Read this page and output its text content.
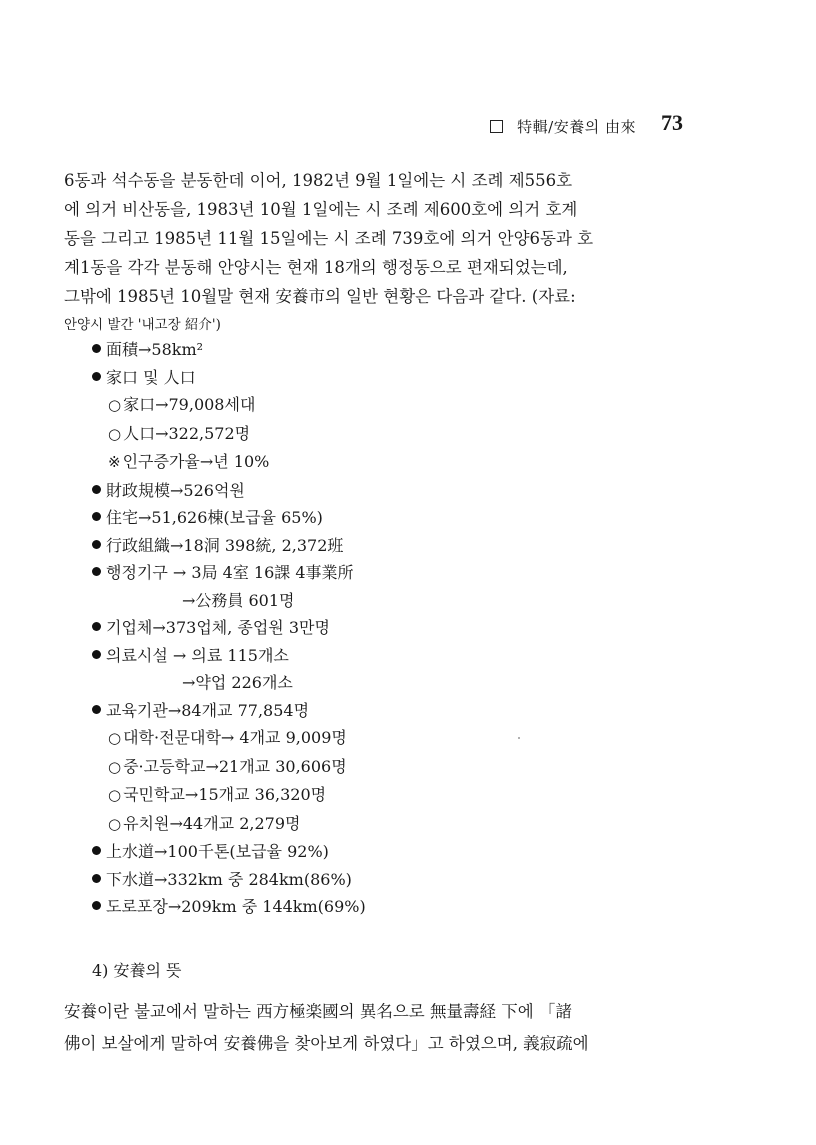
特輯/安養의 由來 73

6동과 석수동을 분동한데 이어, 1982년 9월 1일에는 시 조례 제556호
에 의거 비산동을, 1983년 10월 1일에는 시 조례 제600호에 의거 호계
동을 그리고 1985년 11월 15일에는 시 조례 739호에 의거 안양6동과 호
계1동을 각각 분동해 안양시는 현재 18개의 행정동으로 편재되었는데,
그밖에 1985년 10월말 현재 安養市의 일반 현황은 다음과 같다. (자료:
안양시 발간 '내고장 紹介')

面積→58km²
家口 및 人口
○ 家口→79,008세대
○ 人口→322,572명
※ 인구증가율→년 10%
財政規模→526억원
住宅→51,626棟(보급율 65%)
行政組織→18洞 398統, 2,372班
행정기구 → 3局 4室 16課 4事業所
→公務員 601명
기업체→373업체, 종업원 3만명
의료시설 → 의료 115개소
→약업 226개소
교육기관→84개교 77,854명
○ 대학·전문대학→ 4개교 9,009명
○ 중·고등학교→21개교 30,606명
○ 국민학교→15개교 36,320명
○ 유치원→44개교 2,279명
上水道→100千톤(보급율 92%)
下水道→332km 중 284km(86%)
도로포장→209km 중 144km(69%)
4) 安養의 뜻
安養이란 불교에서 말하는 西方極楽國의 異名으로 無量壽経 下에 「諸
佛이 보살에게 말하여 安養佛을 찾아보게 하였다」고 하였으며, 義寂疏에
